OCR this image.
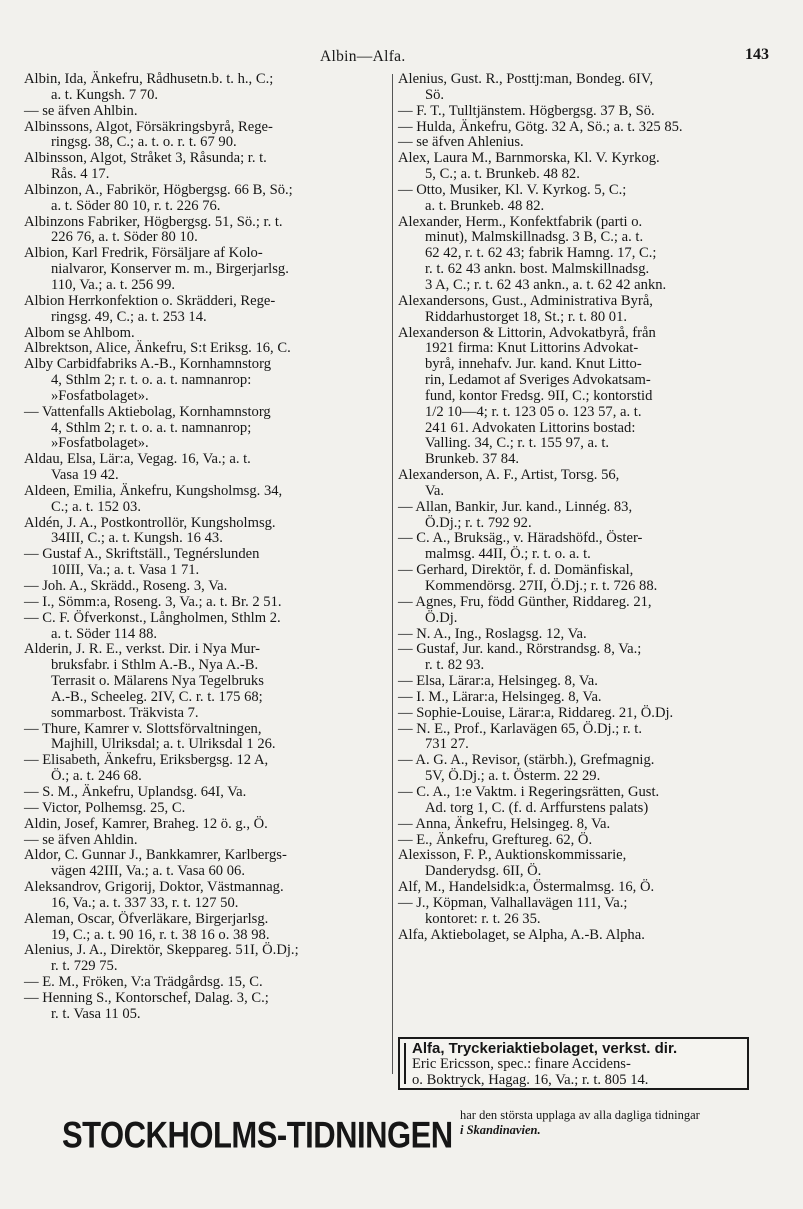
Albin—Alfa.	143
Albin, Ida, Änkefru, Rådhusetn.b. t. h., C.;
a. t. Kungsh. 7 70.
— se äfven Ahlbin.
Albinssons, Algot, Försäkringsbyrå, Rege-
ringsg. 38, C.; a. t. o. r. t. 67 90.
Albinsson, Algot, Stråket 3, Råsunda; r. t.
Rås. 4 17.
Albinzon, A., Fabrikör, Högbergsg. 66 B, Sö.;
a. t. Söder 80 10, r. t. 226 76.
Albinzons Fabriker, Högbergsg. 51, Sö.; r. t.
226 76, a. t. Söder 80 10.
Albion, Karl Fredrik, Försäljare af Kolo-
nialvaror, Konserver m. m., Birgerjarlsg.
110, Va.; a. t. 256 99.
Albion Herrkonfektion o. Skrädderi, Rege-
ringsg. 49, C.; a. t. 253 14.
Albom se Ahlbom.
Albrektson, Alice, Änkefru, S:t Eriksg. 16, C.
Alby Carbidfabriks A.-B., Kornhamnstorg
4, Sthlm 2; r. t. o. a. t. namnanrop:
»Fosfatbolaget».
— Vattenfalls Aktiebolag, Kornhamnstorg
4, Sthlm 2; r. t. o. a. t. namnanrop;
»Fosfatbolaget».
Aldau, Elsa, Lär:a, Vegag. 16, Va.; a. t.
Vasa 19 42.
Aldeen, Emilia, Änkefru, Kungsholmsg. 34,
C.; a. t. 152 03.
Aldén, J. A., Postkontrollör, Kungsholmsg.
34III, C.; a. t. Kungsh. 16 43.
— Gustaf A., Skriftställ., Tegnérslunden
10III, Va.; a. t. Vasa 1 71.
— Joh. A., Skrädd., Roseng. 3, Va.
— I., Sömm:a, Roseng. 3, Va.; a. t. Br. 2 51.
— C. F. Öfverkonst., Långholmen, Sthlm 2.
a. t. Söder 114 88.
Alderin, J. R. E., verkst. Dir. i Nya Mur-
bruksfabr. i Sthlm A.-B., Nya A.-B.
Terrasit o. Mälarens Nya Tegelbruks
A.-B., Scheeleg. 2IV, C. r. t. 175 68;
sommarbost. Träkvista 7.
— Thure, Kamrer v. Slottsförvaltningen,
Majhill, Ulriksdal; a. t. Ulriksdal 1 26.
— Elisabeth, Änkefru, Eriksbergsg. 12 A,
Ö.; a. t. 246 68.
— S. M., Änkefru, Uplandsg. 64I, Va.
— Victor, Polhemsg. 25, C.
Aldin, Josef, Kamrer, Braheg. 12 ö. g., Ö.
— se äfven Ahldin.
Aldor, C. Gunnar J., Bankkamrer, Karlbergs-
vägen 42III, Va.; a. t. Vasa 60 06.
Aleksandrov, Grigorij, Doktor, Västmannag.
16, Va.; a. t. 337 33, r. t. 127 50.
Aleman, Oscar, Öfverläkare, Birgerjarlsg.
19, C.; a. t. 90 16, r. t. 38 16 o. 38 98.
Alenius, J. A., Direktör, Skeppareg. 51I, Ö.Dj.;
r. t. 729 75.
— E. M., Fröken, V:a Trädgårdsg. 15, C.
— Henning S., Kontorschef, Dalag. 3, C.;
r. t. Vasa 11 05.
Alenius, Gust. R., Posttj:man, Bondeg. 6IV,
Sö.
— F. T., Tulltjänstem. Högbergsg. 37 B, Sö.
— Hulda, Änkefru, Götg. 32 A, Sö.; a. t. 325 85.
— se äfven Ahlenius.
Alex, Laura M., Barnmorska, Kl. V. Kyrkog.
5, C.; a. t. Brunkeb. 48 82.
— Otto, Musiker, Kl. V. Kyrkog. 5, C.;
a. t. Brunkeb. 48 82.
Alexander, Herm., Konfektfabrik (parti o.
minut), Malmskillnadsg. 3 B, C.; a. t.
62 42, r. t. 62 43; fabrik Hamng. 17, C.;
r. t. 62 43 ankn. bost. Malmskillnadsg.
3 A, C.; r. t. 62 43 ankn., a. t. 62 42 ankn.
Alexandersons, Gust., Administrativa Byrå,
Riddarhustorget 18, St.; r. t. 80 01.
Alexanderson & Littorin, Advokatbyrå, från
1921 firma: Knut Littorins Advokat-
byrå, innehafv. Jur. kand. Knut Litto-
rin, Ledamot af Sveriges Advokatsam-
fund, kontor Fredsg. 9II, C.; kontorstid
1/2 10—4; r. t. 123 05 o. 123 57, a. t.
241 61. Advokaten Littorins bostad:
Valling. 34, C.; r. t. 155 97, a. t.
Brunkeb. 37 84.
Alexanderson, A. F., Artist, Torsg. 56,
Va.
— Allan, Bankir, Jur. kand., Linnég. 83,
Ö.Dj.; r. t. 792 92.
— C. A., Bruksäg., v. Häradshöfd., Öster-
malmsg. 44II, Ö.; r. t. o. a. t.
— Gerhard, Direktör, f. d. Domänfiskal,
Kommendörsg. 27II, Ö.Dj.; r. t. 726 88.
— Agnes, Fru, född Günther, Riddareg. 21,
Ö.Dj.
— N. A., Ing., Roslagsg. 12, Va.
— Gustaf, Jur. kand., Rörstrandsg. 8, Va.;
r. t. 82 93.
— Elsa, Lärar:a, Helsingeg. 8, Va.
— I. M., Lärar:a, Helsingeg. 8, Va.
— Sophie-Louise, Lärar:a, Riddareg. 21, Ö.Dj.
— N. E., Prof., Karlavägen 65, Ö.Dj.; r. t.
731 27.
— A. G. A., Revisor, (stärbh.), Grefmagnig.
5V, Ö.Dj.; a. t. Österm. 22 29.
— C. A., 1:e Vaktm. i Regeringsrätten, Gust.
Ad. torg 1, C. (f. d. Arffurstens palats)
— Anna, Änkefru, Helsingeg. 8, Va.
— E., Änkefru, Greftureg. 62, Ö.
Alexisson, F. P., Auktionskommissarie,
Danderydsg. 6II, Ö.
Alf, M., Handelsidk:a, Östermalmsg. 16, Ö.
— J., Köpman, Valhallavägen 111, Va.;
kontoret: r. t. 26 35.
Alfa, Aktiebolaget, se Alpha, A.-B. Alpha.
Alfa, Tryckeriaktiebolaget, verkst. dir.
Eric Ericsson, spec.: finare Accidens-
o. Boktryck, Hagag. 16, Va.; r. t. 805 14.
STOCKHOLMS-TIDNINGEN har den största upplaga av alla dagliga tidningar
i Skandinavien.
